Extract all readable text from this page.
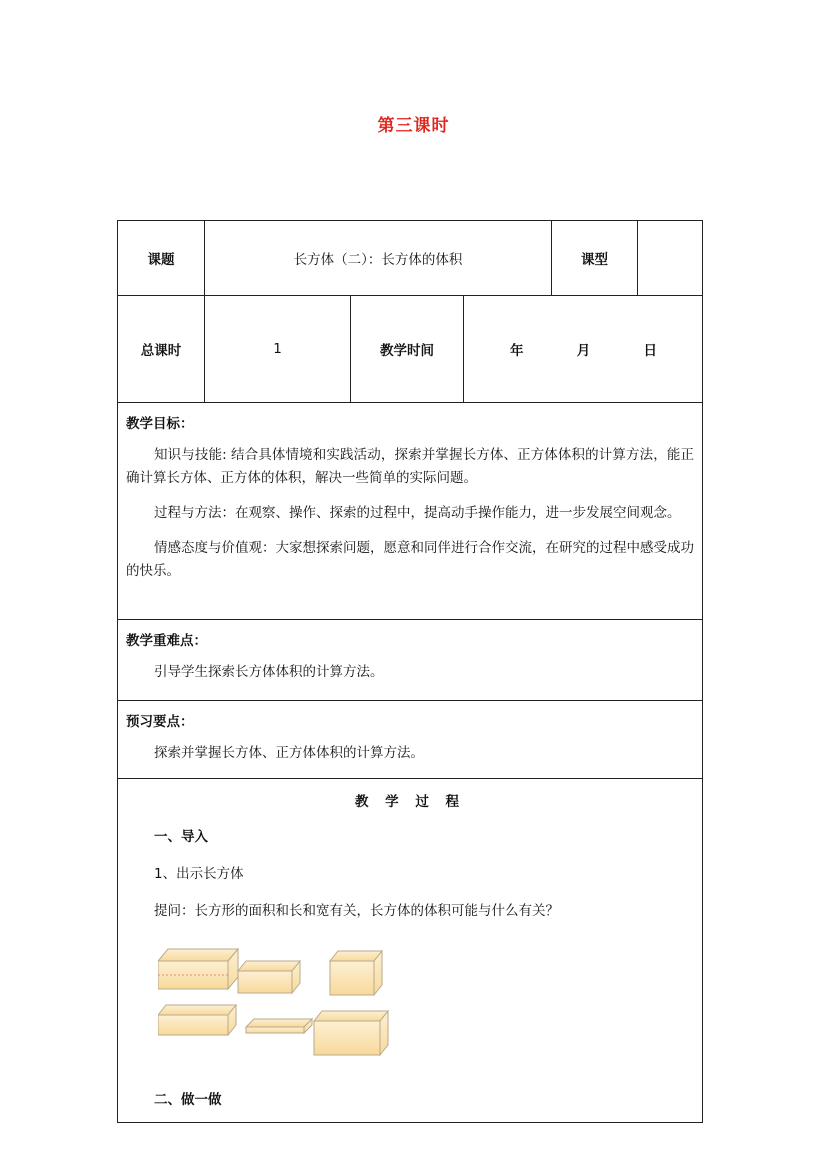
第三课时
课题	长方体（二）：长方体的体积			课型	
总课时	1	教学时间	年 月 日		

教学目标：

知识与技能: 结合具体情境和实践活动，探索并掌握长方体、正方体体积的计算方法，能正确计算长方体、正方体的体积，解决一些简单的实际问题。

过程与方法：在观察、操作、探索的过程中，提高动手操作能力，进一步发展空间观念。

情感态度与价值观：大家想探索问题，愿意和同伴进行合作交流，在研究的过程中感受成功的快乐。					

教学重难点：

引导学生探索长方体体积的计算方法。					

预习要点：

探索并掌握长方体、正方体体积的计算方法。					

教 学 过 程
一、导入
1、出示长方体
提问：长方形的面积和长和宽有关，长方体的体积可能与什么有关？
二、做一做					
